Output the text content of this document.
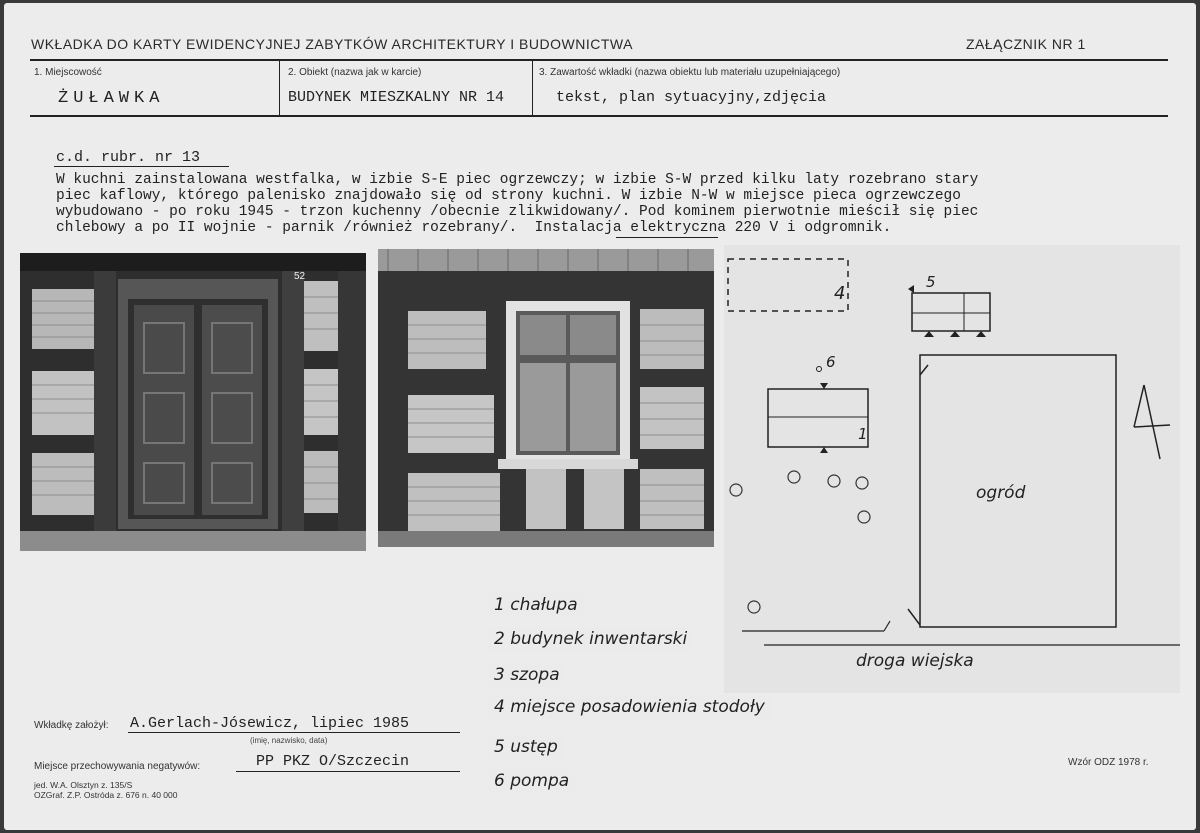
WKŁADKA DO KARTY EWIDENCYJNEJ ZABYTKÓW ARCHITEKTURY I BUDOWNICTWA	ZAŁĄCZNIK NR 1
1. Miejscowość
ŻUŁAWKA
2. Obiekt (nazwa jak w karcie)
BUDYNEK MIESZKALNY NR 14
3. Zawartość wkładki (nazwa obiektu lub materiału uzupełniającego)
tekst, plan sytuacyjny,zdjęcia
c.d. rubr. nr 13
W kuchni zainstalowana westfalka, w izbie S-E piec ogrzewczy; w izbie S-W przed kilku laty rozebrano stary
piec kaflowy, którego palenisko znajdowało się od strony kuchni. W izbie N-W w miejsce pieca ogrzewczego
wybudowano - po roku 1945 - trzon kuchenny /obecnie zlikwidowany/. Pod kominem pierwotnie mieścił się piec
chlebowy a po II wojnie - parnik /również rozebrany/.  Instalacja elektryczna 220 V i odgromnik.
52
4
5
6
1
ogród
droga wiejska
1 chałupa
2 budynek inwentarski
3 szopa
4 miejsce posadowienia stodoły
5 ustęp
6 pompa
Wkładkę założył: A.Gerlach-Jósewicz, lipiec 1985
(imię, nazwisko, data)
Miejsce przechowywania negatywów:	PP PKZ O/Szczecin
jed. W.A. Olsztyn z. 135/S
OZGraf. Z.P. Ostróda z. 676 n. 40 000
Wzór ODZ 1978 r.
